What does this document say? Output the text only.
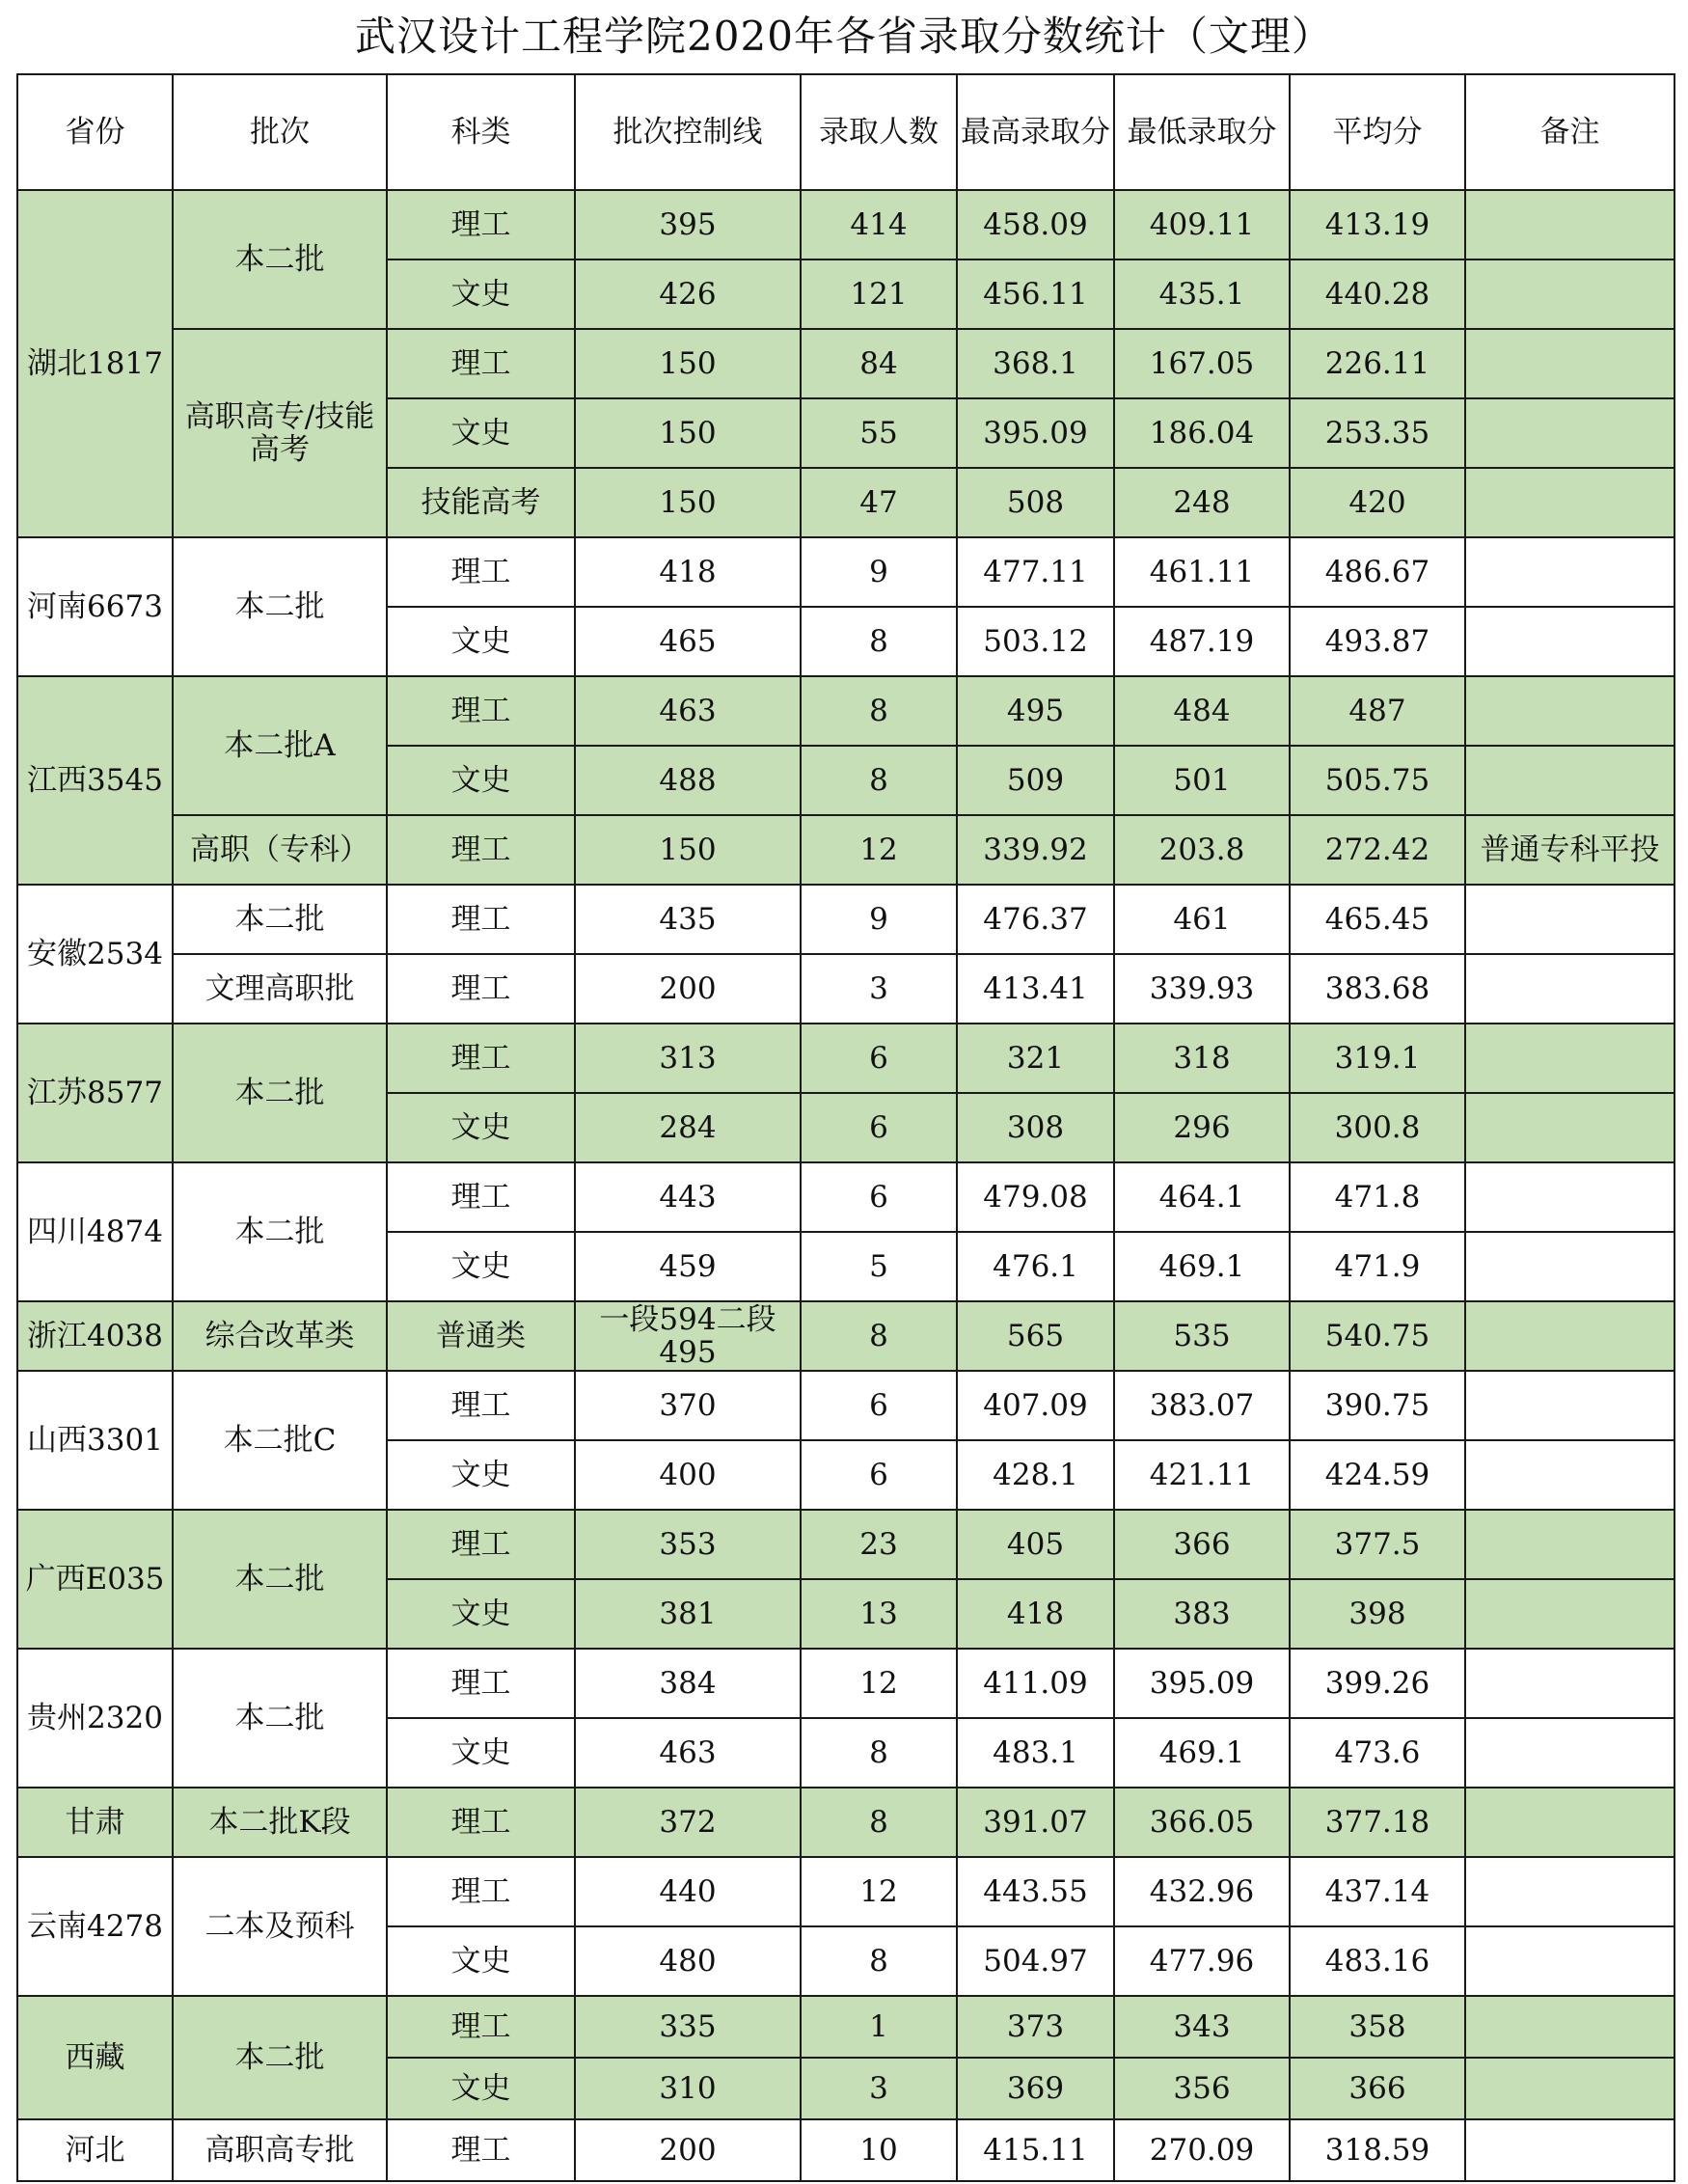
武汉设计工程学院2020年各省录取分数统计（文理）
省份	批次	科类	批次控制线	录取人数	最高录取分	最低录取分	平均分	备注
湖北1817	本二批	理工	395	414	458.09	409.11	413.19	
		文史	426	121	456.11	435.1	440.28	
	高职高专/技能高考	理工	150	84	368.1	167.05	226.11	
		文史	150	55	395.09	186.04	253.35	
		技能高考	150	47	508	248	420	
河南6673	本二批	理工	418	9	477.11	461.11	486.67	
		文史	465	8	503.12	487.19	493.87	
江西3545	本二批A	理工	463	8	495	484	487	
		文史	488	8	509	501	505.75	
	高职（专科）	理工	150	12	339.92	203.8	272.42	普通专科平投
安徽2534	本二批	理工	435	9	476.37	461	465.45	
	文理高职批	理工	200	3	413.41	339.93	383.68	
江苏8577	本二批	理工	313	6	321	318	319.1	
		文史	284	6	308	296	300.8	
四川4874	本二批	理工	443	6	479.08	464.1	471.8	
		文史	459	5	476.1	469.1	471.9	
浙江4038	综合改革类	普通类	一段594二段495	8	565	535	540.75	
山西3301	本二批C	理工	370	6	407.09	383.07	390.75	
		文史	400	6	428.1	421.11	424.59	
广西E035	本二批	理工	353	23	405	366	377.5	
		文史	381	13	418	383	398	
贵州2320	本二批	理工	384	12	411.09	395.09	399.26	
		文史	463	8	483.1	469.1	473.6	
甘肃	本二批K段	理工	372	8	391.07	366.05	377.18	
云南4278	二本及预科	理工	440	12	443.55	432.96	437.14	
		文史	480	8	504.97	477.96	483.16	
西藏	本二批	理工	335	1	373	343	358	
		文史	310	3	369	356	366	
河北	高职高专批	理工	200	10	415.11	270.09	318.59	
